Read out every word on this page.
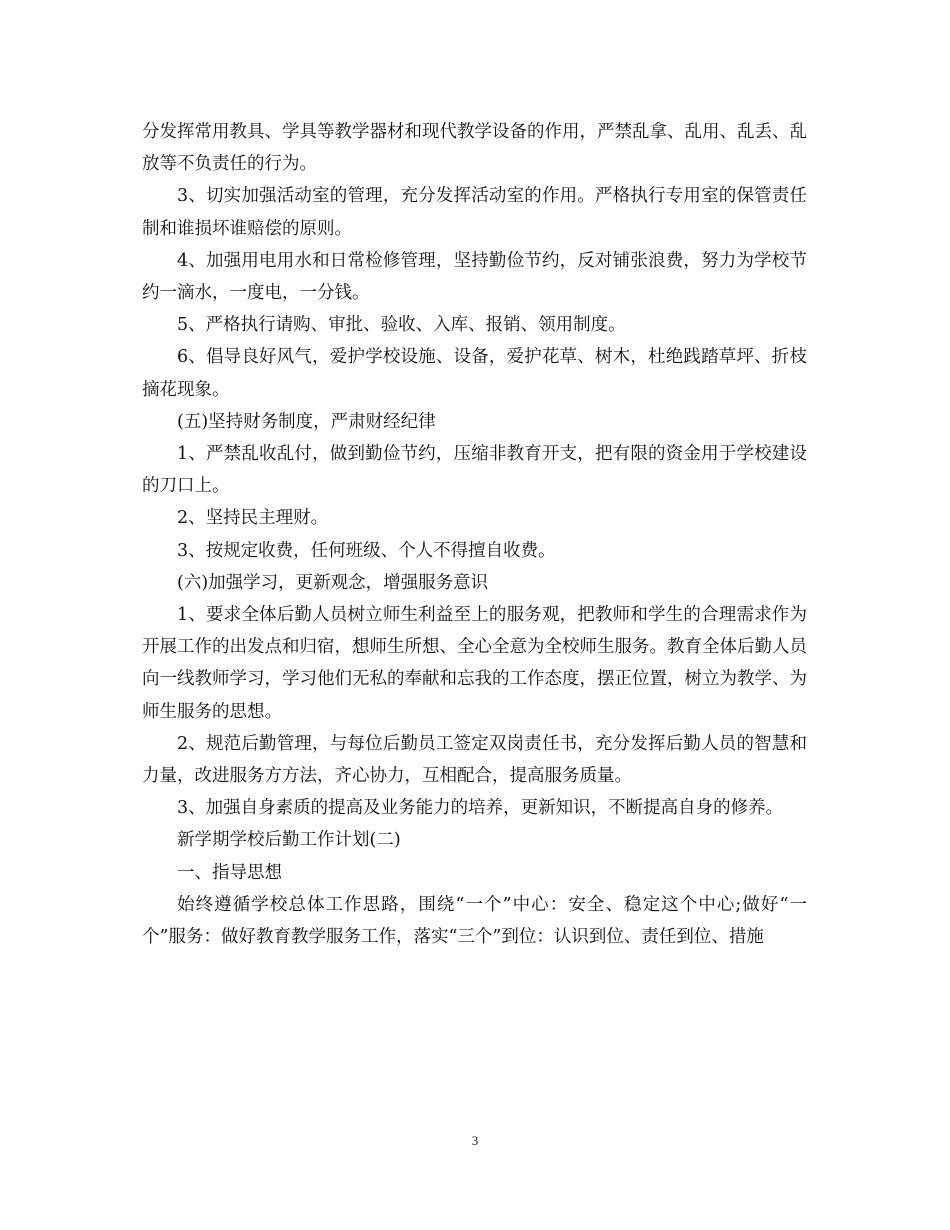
分发挥常用教具、学具等教学器材和现代教学设备的作用，严禁乱拿、乱用、乱丢、乱放等不负责任的行为。

3、切实加强活动室的管理，充分发挥活动室的作用。严格执行专用室的保管责任制和谁损坏谁赔偿的原则。

4、加强用电用水和日常检修管理，坚持勤俭节约，反对铺张浪费，努力为学校节约一滴水，一度电，一分钱。

5、严格执行请购、审批、验收、入库、报销、领用制度。

6、倡导良好风气，爱护学校设施、设备，爱护花草、树木，杜绝践踏草坪、折枝摘花现象。

(五)坚持财务制度，严肃财经纪律

1、严禁乱收乱付，做到勤俭节约，压缩非教育开支，把有限的资金用于学校建设的刀口上。

2、坚持民主理财。

3、按规定收费，任何班级、个人不得擅自收费。

(六)加强学习，更新观念，增强服务意识

1、要求全体后勤人员树立师生利益至上的服务观，把教师和学生的合理需求作为开展工作的出发点和归宿，想师生所想、全心全意为全校师生服务。教育全体后勤人员向一线教师学习，学习他们无私的奉献和忘我的工作态度，摆正位置，树立为教学、为师生服务的思想。

2、规范后勤管理，与每位后勤员工签定双岗责任书，充分发挥后勤人员的智慧和力量，改进服务方方法，齐心协力，互相配合，提高服务质量。

3、加强自身素质的提高及业务能力的培养，更新知识，不断提高自身的修养。

新学期学校后勤工作计划(二)

一、指导思想

始终遵循学校总体工作思路，围绕“一个”中心：安全、稳定这个中心;做好“一个”服务：做好教育教学服务工作，落实“三个”到位：认识到位、责任到位、措施

3
